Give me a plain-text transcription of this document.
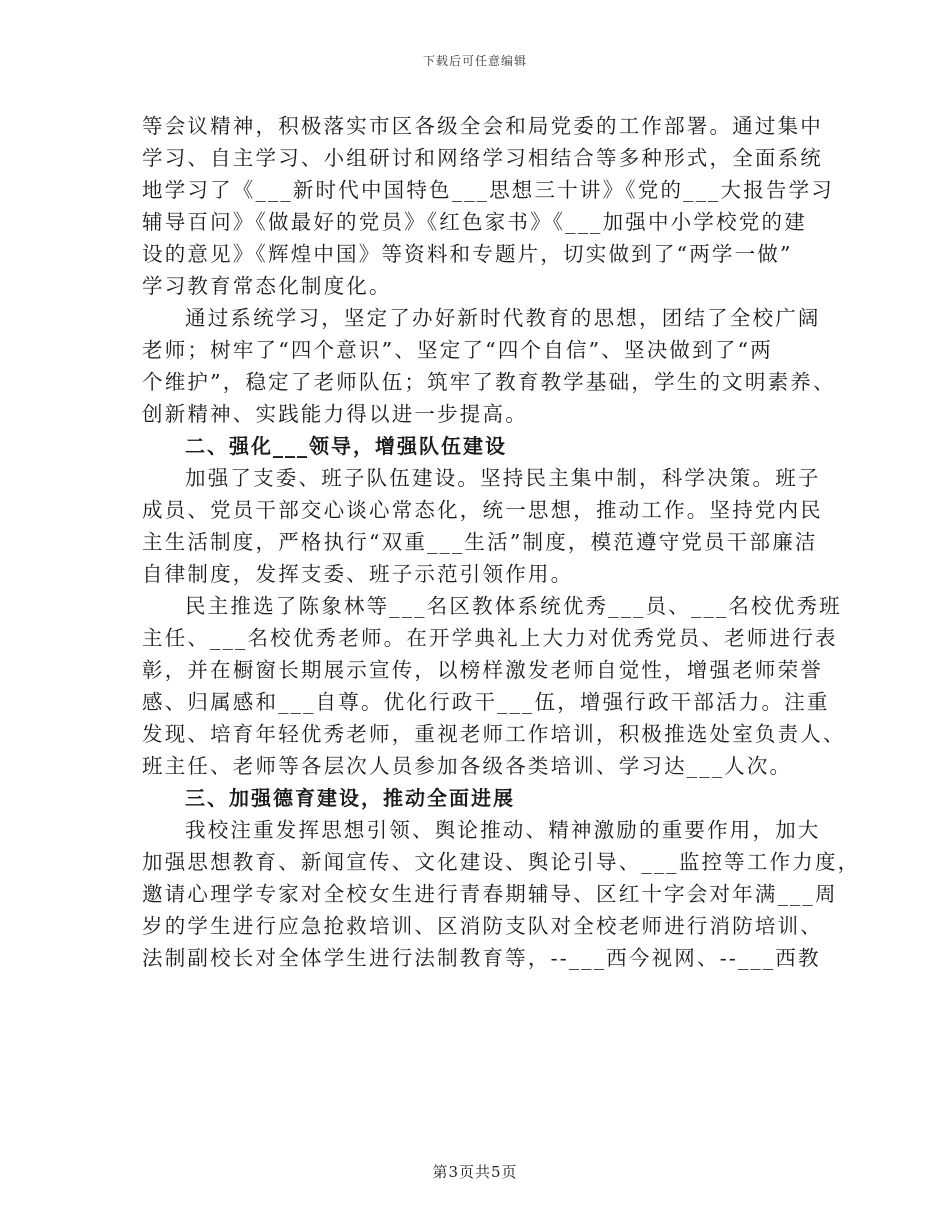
下载后可任意编辑
等会议精神，积极落实市区各级全会和局党委的工作部署。通过集中
学习、自主学习、小组研讨和网络学习相结合等多种形式，全面系统
地学习了《___新时代中国特色___思想三十讲》《党的___大报告学习
辅导百问》《做最好的党员》《红色家书》《___加强中小学校党的建
设的意见》《辉煌中国》等资料和专题片，切实做到了“两学一做”
学习教育常态化制度化。
通过系统学习，坚定了办好新时代教育的思想，团结了全校广阔
老师；树牢了“四个意识”、坚定了“四个自信”、坚决做到了“两
个维护”，稳定了老师队伍；筑牢了教育教学基础，学生的文明素养、
创新精神、实践能力得以进一步提高。
二、强化___领导，增强队伍建设
加强了支委、班子队伍建设。坚持民主集中制，科学决策。班子
成员、党员干部交心谈心常态化，统一思想，推动工作。坚持党内民
主生活制度，严格执行“双重___生活”制度，模范遵守党员干部廉洁
自律制度，发挥支委、班子示范引领作用。
民主推选了陈象林等___名区教体系统优秀___员、___名校优秀班
主任、___名校优秀老师。在开学典礼上大力对优秀党员、老师进行表
彰，并在橱窗长期展示宣传，以榜样激发老师自觉性，增强老师荣誉
感、归属感和___自尊。优化行政干___伍，增强行政干部活力。注重
发现、培育年轻优秀老师，重视老师工作培训，积极推选处室负责人、
班主任、老师等各层次人员参加各级各类培训、学习达___人次。
三、加强德育建设，推动全面进展
我校注重发挥思想引领、舆论推动、精神激励的重要作用，加大
加强思想教育、新闻宣传、文化建设、舆论引导、___监控等工作力度，
邀请心理学专家对全校女生进行青春期辅导、区红十字会对年满___周
岁的学生进行应急抢救培训、区消防支队对全校老师进行消防培训、
法制副校长对全体学生进行法制教育等，--___西今视网、--___西教
第3页共5页
